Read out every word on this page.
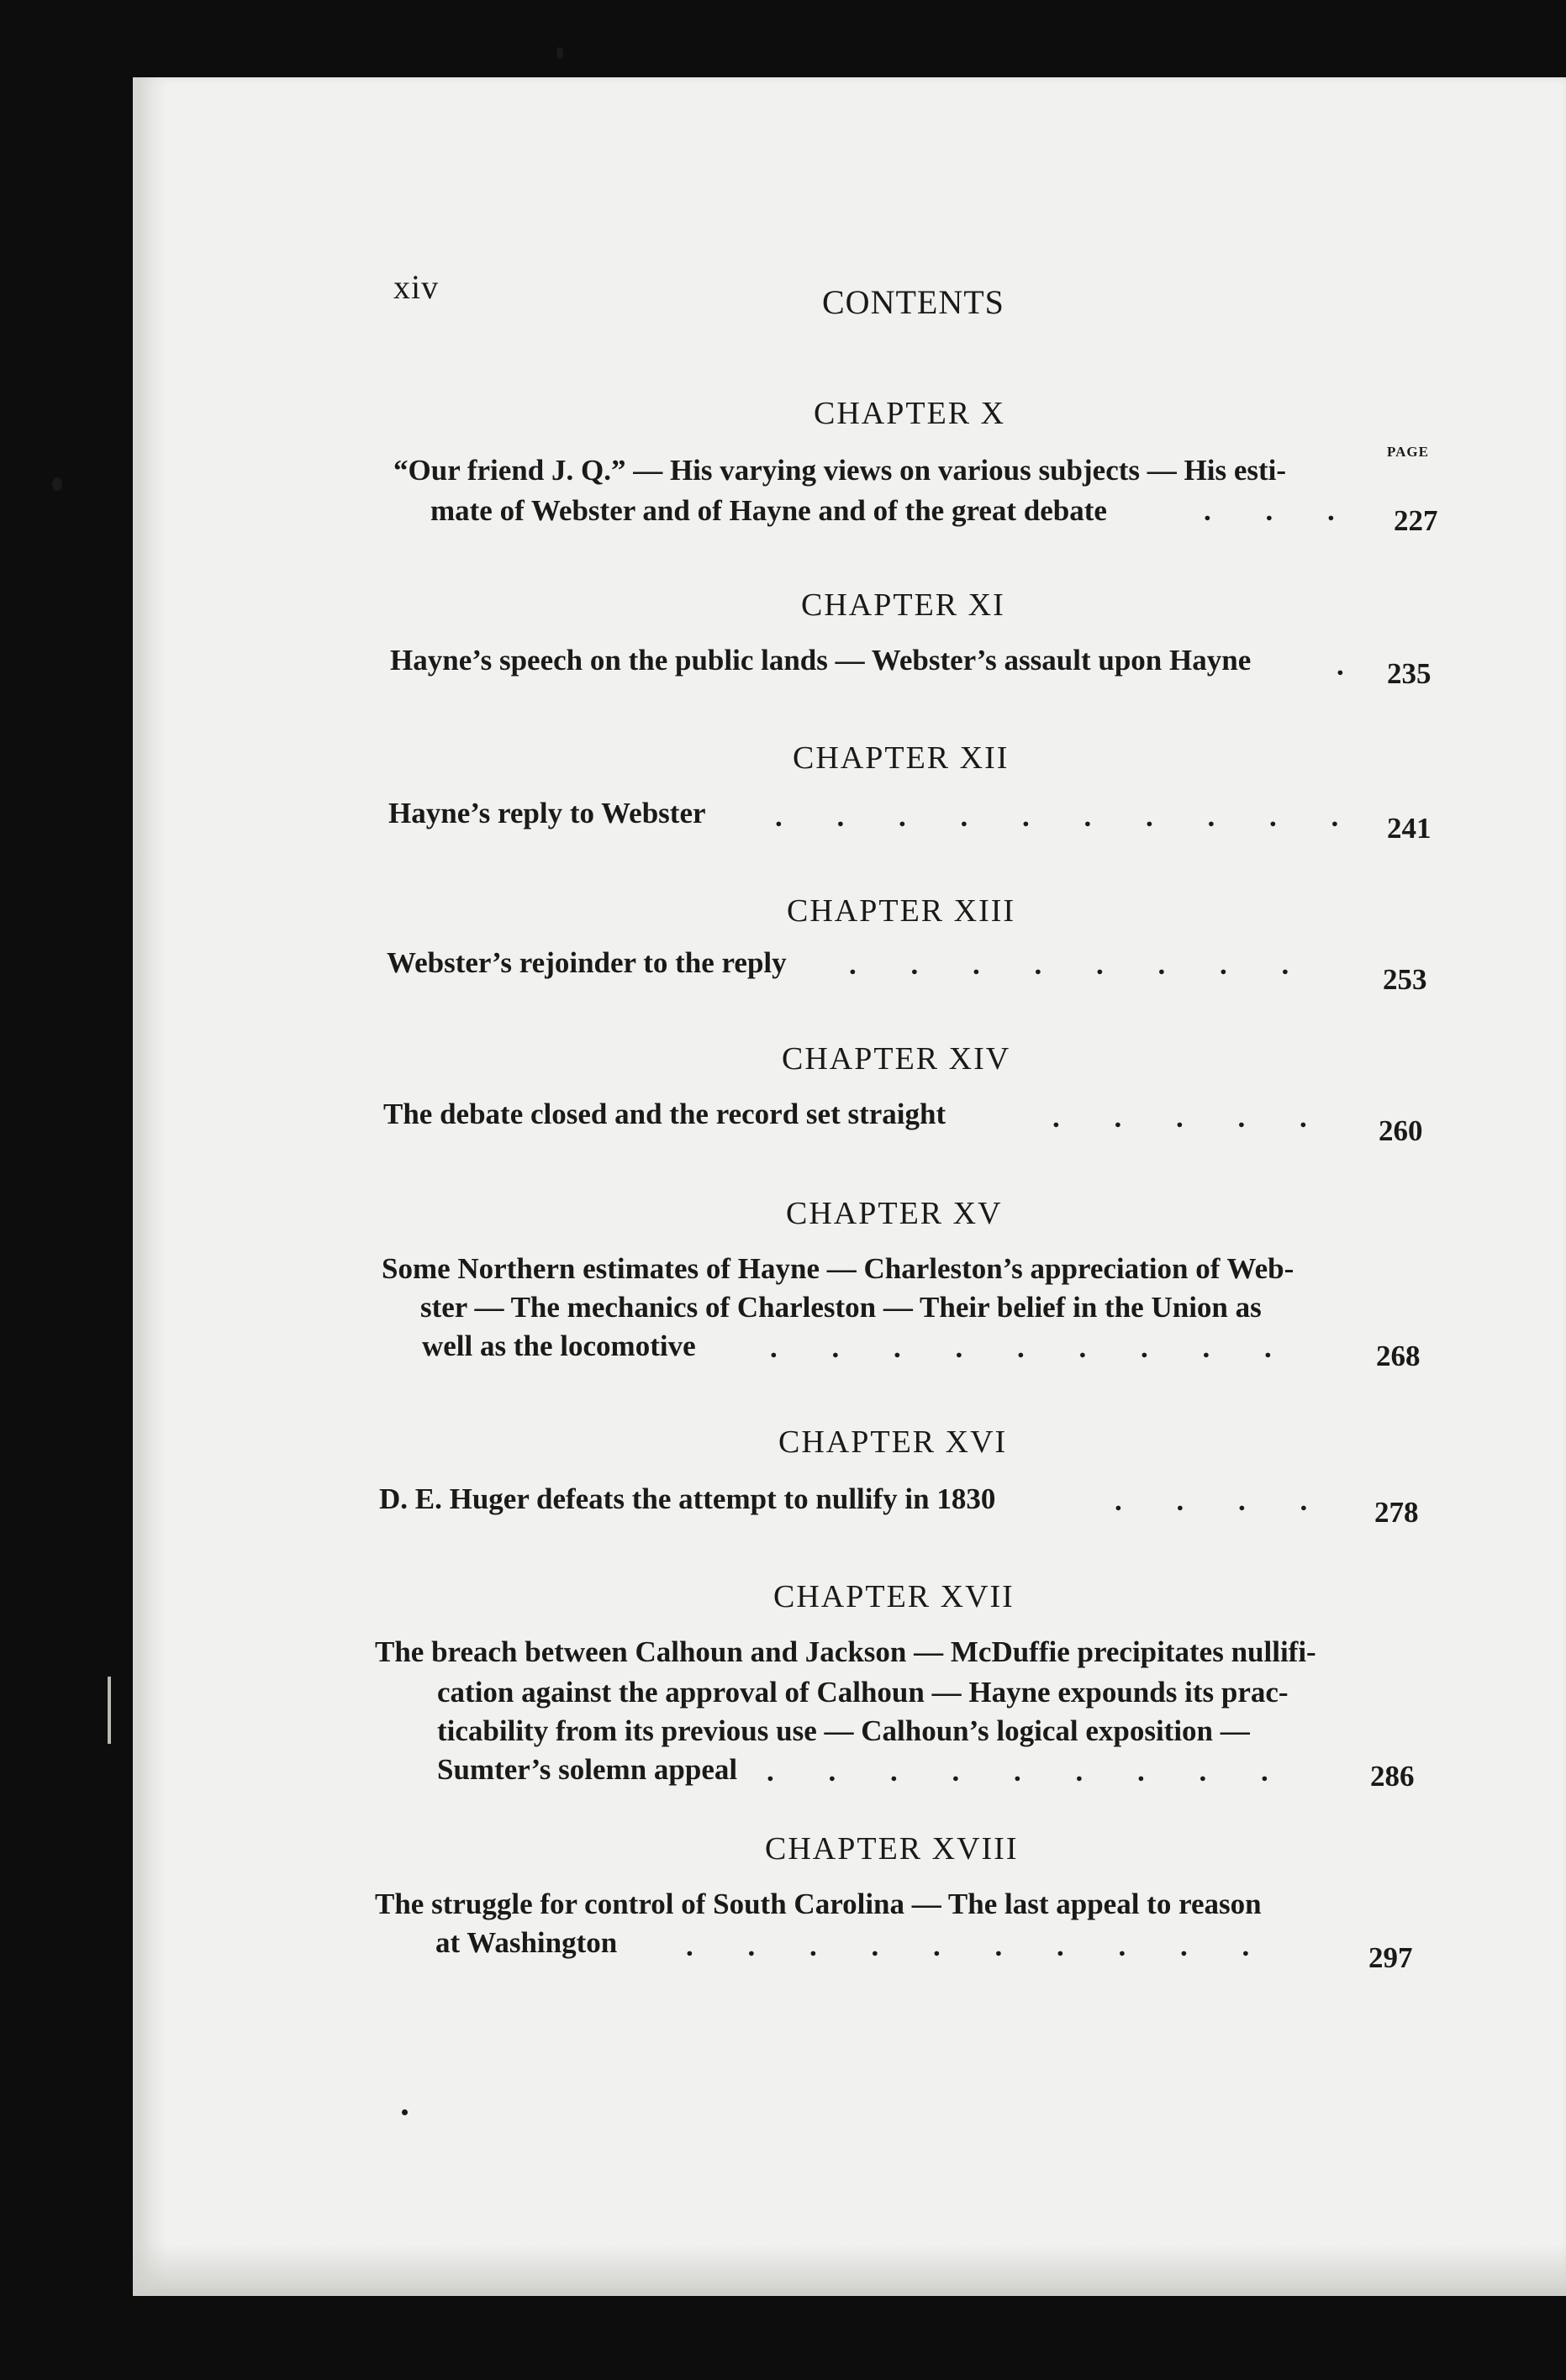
xiv	CONTENTS
PAGE
CHAPTER X
“Our friend J. Q.” — His varying views on various subjects — His esti-
mate of Webster and of Hayne and of the great debate	. . . 227
CHAPTER XI
Hayne’s speech on the public lands — Webster’s assault upon Hayne	. 235
CHAPTER XII
Hayne’s reply to Webster . . . . . . . . . . 241
CHAPTER XIII
Webster’s rejoinder to the reply . . . . . . . . 253
CHAPTER XIV
The debate closed and the record set straight	. . . . . 260
CHAPTER XV
Some Northern estimates of Hayne — Charleston’s appreciation of Web-
ster — The mechanics of Charleston — Their belief in the Union as
well as the locomotive	. . . . . . . . .	268
CHAPTER XVI
D. E. Huger defeats the attempt to nullify in 1830	. . . . 278
CHAPTER XVII
The breach between Calhoun and Jackson — McDuffie precipitates nullifi-
cation against the approval of Calhoun — Hayne expounds its prac-
ticability from its previous use — Calhoun’s logical exposition —
Sumter’s solemn appeal . . . . . . . . .	286
CHAPTER XVIII
The struggle for control of South Carolina — The last appeal to reason
at Washington . . . . . . . . . .	297
